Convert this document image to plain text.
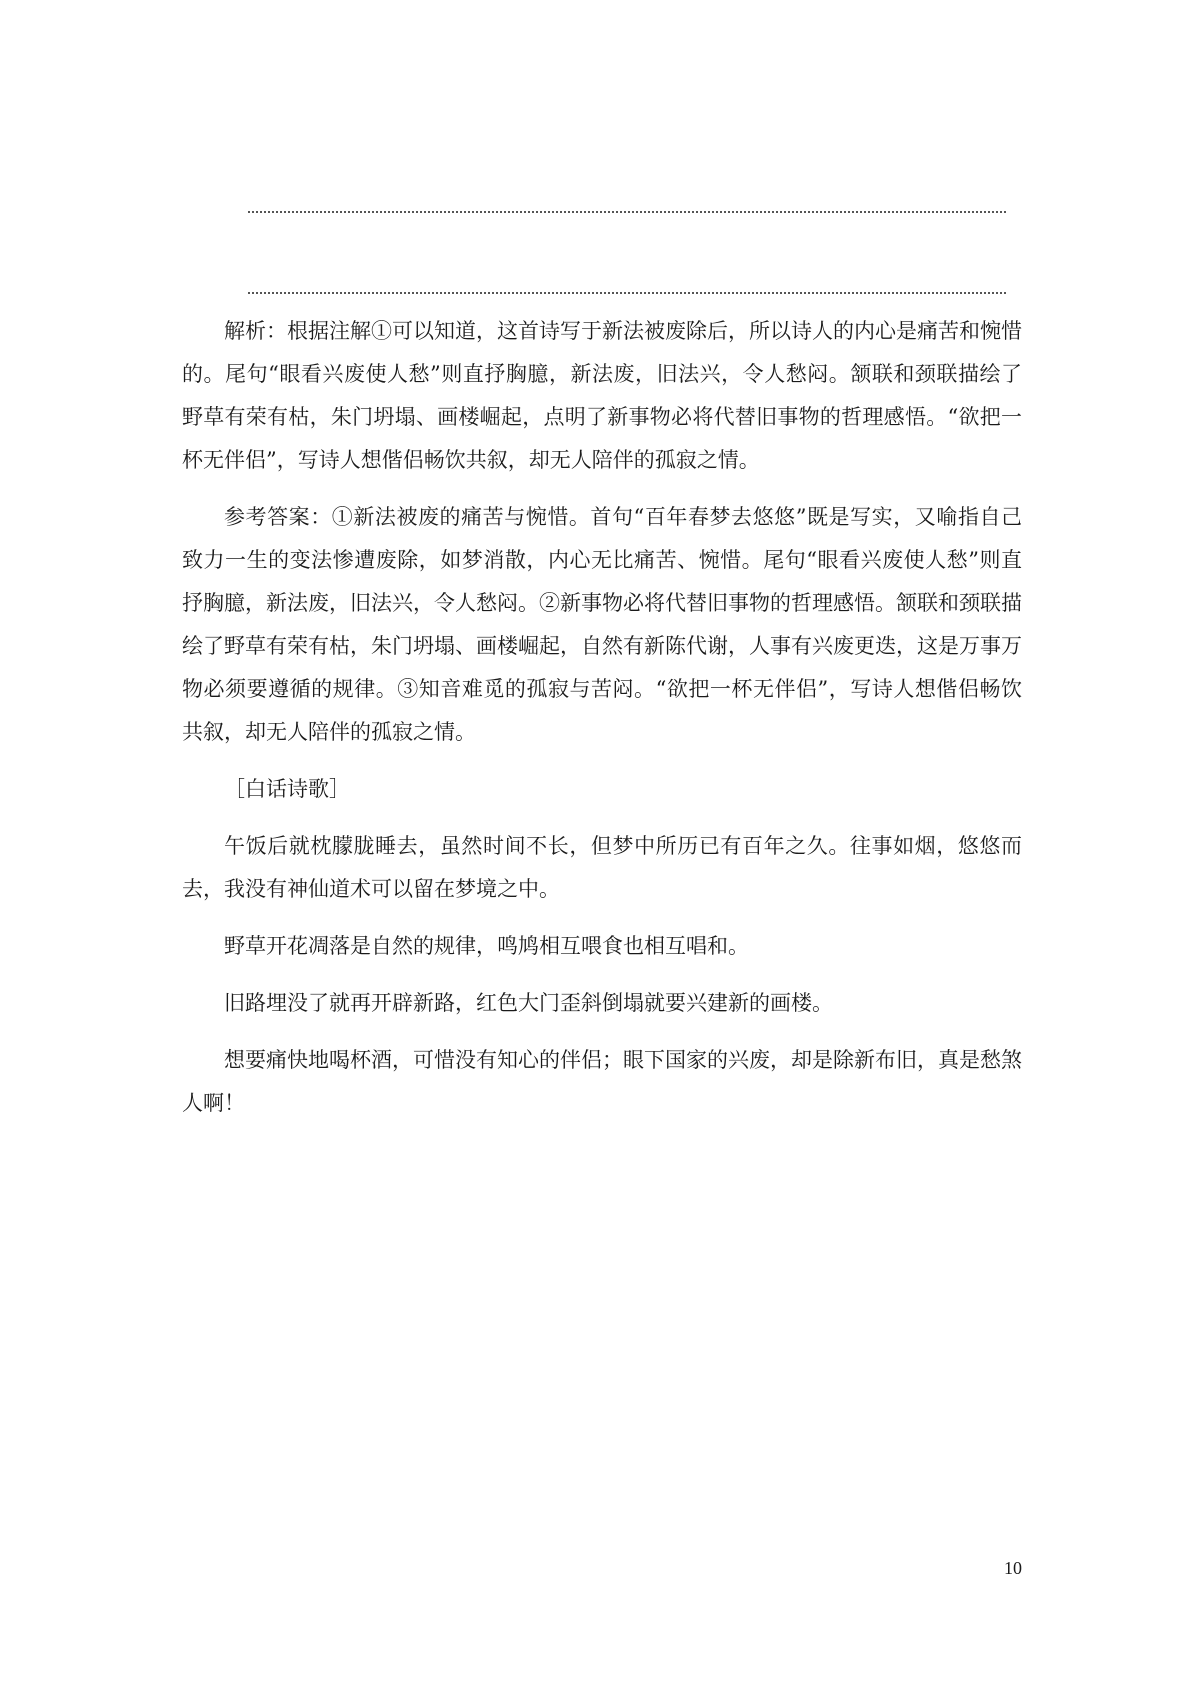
解析：根据注解①可以知道，这首诗写于新法被废除后，所以诗人的内心是痛苦和惋惜的。尾句“眼看兴废使人愁”则直抒胸臆，新法废，旧法兴，令人愁闷。颔联和颈联描绘了野草有荣有枯，朱门坍塌、画楼崛起，点明了新事物必将代替旧事物的哲理感悟。“欲把一杯无伴侣”，写诗人想偕侣畅饮共叙，却无人陪伴的孤寂之情。

参考答案：①新法被废的痛苦与惋惜。首句“百年春梦去悠悠”既是写实，又喻指自己致力一生的变法惨遭废除，如梦消散，内心无比痛苦、惋惜。尾句“眼看兴废使人愁”则直抒胸臆，新法废，旧法兴，令人愁闷。②新事物必将代替旧事物的哲理感悟。颔联和颈联描绘了野草有荣有枯，朱门坍塌、画楼崛起，自然有新陈代谢，人事有兴废更迭，这是万事万物必须要遵循的规律。③知音难觅的孤寂与苦闷。“欲把一杯无伴侣”，写诗人想偕侣畅饮共叙，却无人陪伴的孤寂之情。

［白话诗歌］

午饭后就枕朦胧睡去，虽然时间不长，但梦中所历已有百年之久。往事如烟，悠悠而去，我没有神仙道术可以留在梦境之中。

野草开花凋落是自然的规律，鸣鸠相互喂食也相互唱和。

旧路埋没了就再开辟新路，红色大门歪斜倒塌就要兴建新的画楼。

想要痛快地喝杯酒，可惜没有知心的伴侣；眼下国家的兴废，却是除新布旧，真是愁煞人啊！

10
